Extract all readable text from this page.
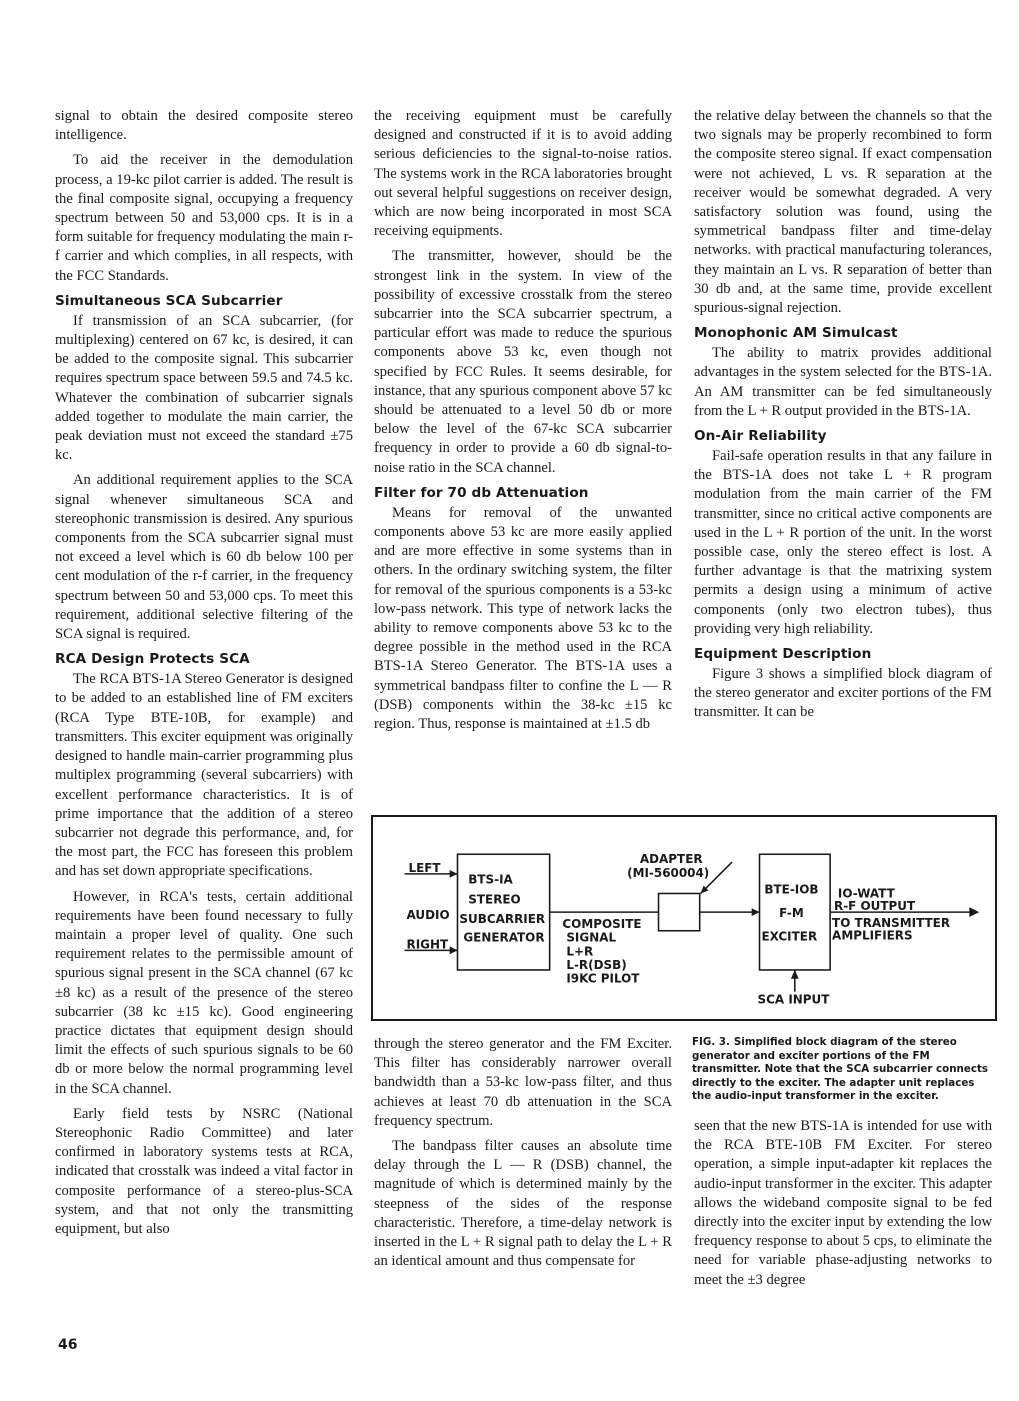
signal to obtain the desired composite stereo intelligence.

To aid the receiver in the demodulation process, a 19-kc pilot carrier is added. The result is the final composite signal, occupying a frequency spectrum between 50 and 53,000 cps. It is in a form suitable for frequency modulating the main r-f carrier and which complies, in all respects, with the FCC Standards.

Simultaneous SCA Subcarrier

If transmission of an SCA subcarrier, (for multiplexing) centered on 67 kc, is desired, it can be added to the composite signal. This subcarrier requires spectrum space between 59.5 and 74.5 kc. Whatever the combination of subcarrier signals added together to modulate the main carrier, the peak deviation must not exceed the standard ±75 kc.

An additional requirement applies to the SCA signal whenever simultaneous SCA and stereophonic transmission is desired. Any spurious components from the SCA subcarrier signal must not exceed a level which is 60 db below 100 per cent modulation of the r-f carrier, in the frequency spectrum between 50 and 53,000 cps. To meet this requirement, additional selective filtering of the SCA signal is required.

RCA Design Protects SCA

The RCA BTS-1A Stereo Generator is designed to be added to an established line of FM exciters (RCA Type BTE-10B, for example) and transmitters. This exciter equipment was originally designed to handle main-carrier programming plus multiplex programming (several subcarriers) with excellent performance characteristics. It is of prime importance that the addition of a stereo subcarrier not degrade this performance, and, for the most part, the FCC has foreseen this problem and has set down appropriate specifications.

However, in RCA's tests, certain additional requirements have been found necessary to fully maintain a proper level of quality. One such requirement relates to the permissible amount of spurious signal present in the SCA channel (67 kc ±8 kc) as a result of the presence of the stereo subcarrier (38 kc ±15 kc). Good engineering practice dictates that equipment design should limit the effects of such spurious signals to be 60 db or more below the normal programming level in the SCA channel.

Early field tests by NSRC (National Stereophonic Radio Committee) and later confirmed in laboratory systems tests at RCA, indicated that crosstalk was indeed a vital factor in composite performance of a stereo-plus-SCA system, and that not only the transmitting equipment, but also

the receiving equipment must be carefully designed and constructed if it is to avoid adding serious deficiencies to the signal-to-noise ratios. The systems work in the RCA laboratories brought out several helpful suggestions on receiver design, which are now being incorporated in most SCA receiving equipments.

The transmitter, however, should be the strongest link in the system. In view of the possibility of excessive crosstalk from the stereo subcarrier into the SCA subcarrier spectrum, a particular effort was made to reduce the spurious components above 53 kc, even though not specified by FCC Rules. It seems desirable, for instance, that any spurious component above 57 kc should be attenuated to a level 50 db or more below the level of the 67-kc SCA subcarrier frequency in order to provide a 60 db signal-to-noise ratio in the SCA channel.

Filter for 70 db Attenuation

Means for removal of the unwanted components above 53 kc are more easily applied and are more effective in some systems than in others. In the ordinary switching system, the filter for removal of the spurious components is a 53-kc low-pass network. This type of network lacks the ability to remove components above 53 kc to the degree possible in the method used in the RCA BTS-1A Stereo Generator. The BTS-1A uses a symmetrical bandpass filter to confine the L — R (DSB) components within the 38-kc ±15 kc region. Thus, response is maintained at ±1.5 db

the relative delay between the channels so that the two signals may be properly recombined to form the composite stereo signal. If exact compensation were not achieved, L vs. R separation at the receiver would be somewhat degraded. A very satisfactory solution was found, using the symmetrical bandpass filter and time-delay networks. with practical manufacturing tolerances, they maintain an L vs. R separation of better than 30 db and, at the same time, provide excellent spurious-signal rejection.

Monophonic AM Simulcast

The ability to matrix provides additional advantages in the system selected for the BTS-1A. An AM transmitter can be fed simultaneously from the L + R output provided in the BTS-1A.

On-Air Reliability

Fail-safe operation results in that any failure in the BTS-1A does not take L + R program modulation from the main carrier of the FM transmitter, since no critical active components are used in the L + R portion of the unit. In the worst possible case, only the stereo effect is lost. A further advantage is that the matrixing system permits a design using a minimum of active components (only two electron tubes), thus providing very high reliability.

Equipment Description

Figure 3 shows a simplified block diagram of the stereo generator and exciter portions of the FM transmitter. It can be

LEFT
AUDIO
RIGHT
BTS-IA
STEREO
SUBCARRIER
GENERATOR
ADAPTER
(MI-560004)
COMPOSITE
SIGNAL
L+R
L-R(DSB)
I9KC PILOT
BTE-IOB
F-M
EXCITER
IO-WATT
R-F OUTPUT
TO TRANSMITTER
AMPLIFIERS
SCA INPUT

through the stereo generator and the FM Exciter. This filter has considerably narrower overall bandwidth than a 53-kc low-pass filter, and thus achieves at least 70 db attenuation in the SCA frequency spectrum.

The bandpass filter causes an absolute time delay through the L — R (DSB) channel, the magnitude of which is determined mainly by the steepness of the sides of the response characteristic. Therefore, a time-delay network is inserted in the L + R signal path to delay the L + R an identical amount and thus compensate for

FIG. 3. Simplified block diagram of the stereo generator and exciter portions of the FM transmitter. Note that the SCA subcarrier connects directly to the exciter. The adapter unit replaces the audio-input transformer in the exciter.

seen that the new BTS-1A is intended for use with the RCA BTE-10B FM Exciter. For stereo operation, a simple input-adapter kit replaces the audio-input transformer in the exciter. This adapter allows the wideband composite signal to be fed directly into the exciter input by extending the low frequency response to about 5 cps, to eliminate the need for variable phase-adjusting networks to meet the ±3 degree

46
